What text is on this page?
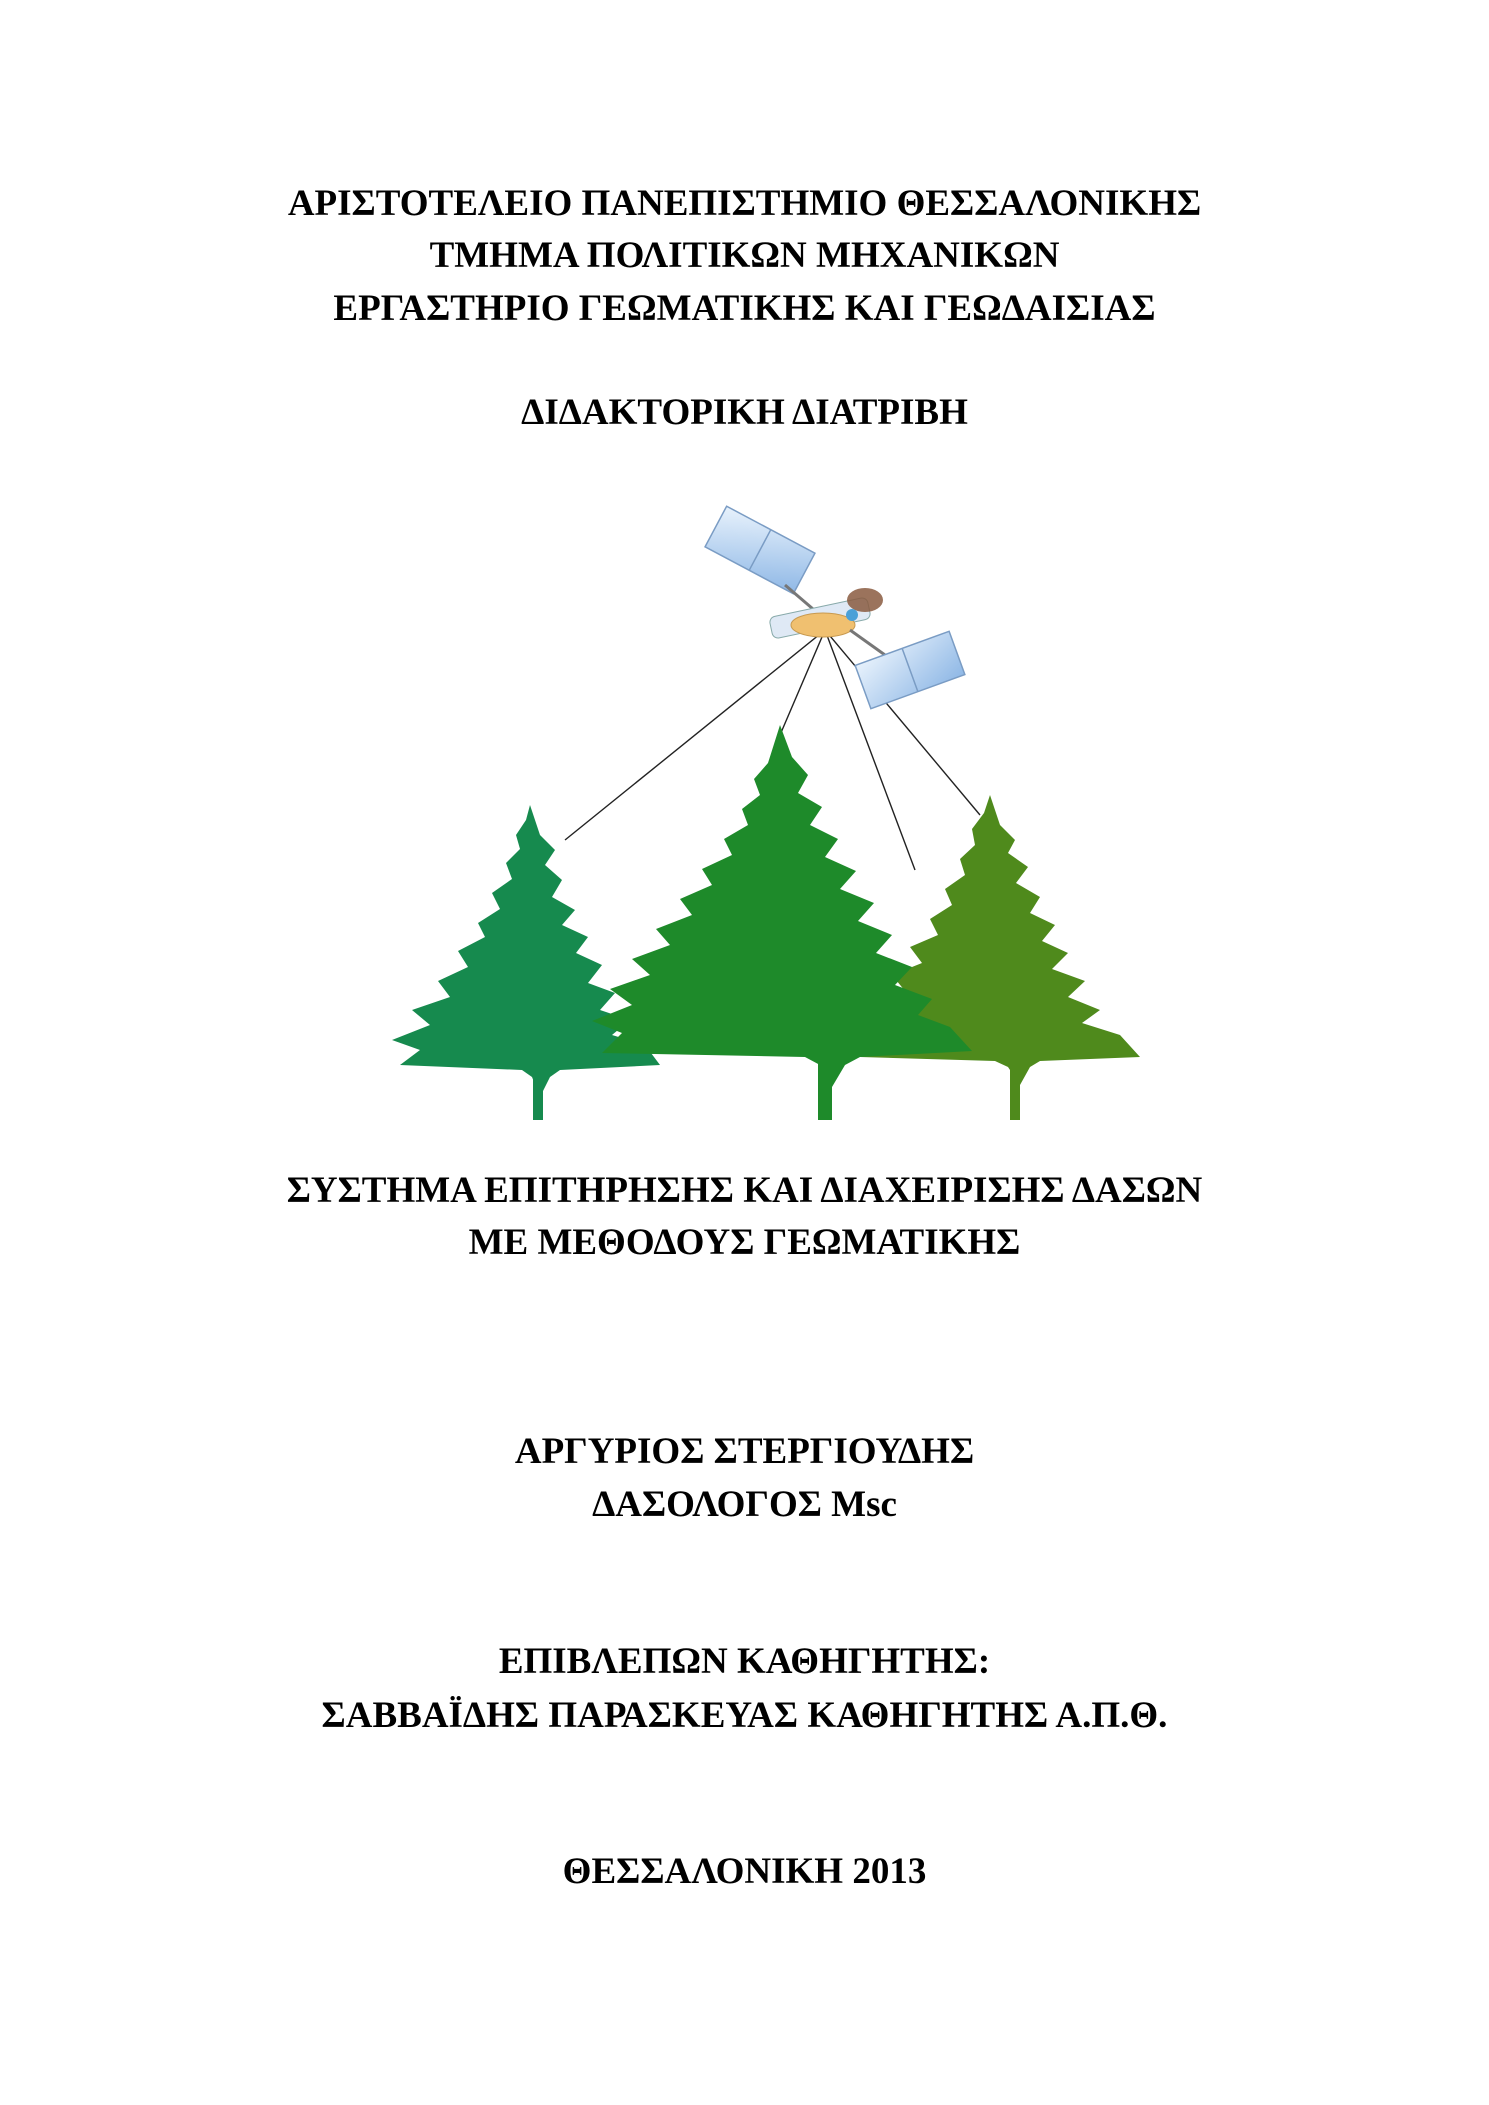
ΑΡΙΣΤΟΤΕΛΕΙΟ ΠΑΝΕΠΙΣΤΗΜΙΟ ΘΕΣΣΑΛΟΝΙΚΗΣ
ΤΜΗΜΑ ΠΟΛΙΤΙΚΩΝ ΜΗΧΑΝΙΚΩΝ
ΕΡΓΑΣΤΗΡΙΟ ΓΕΩΜΑΤΙΚΗΣ ΚΑΙ ΓΕΩΔΑΙΣΙΑΣ
ΔΙΔΑΚΤΟΡΙΚΗ ΔΙΑΤΡΙΒΗ
ΣΥΣΤΗΜΑ ΕΠΙΤΗΡΗΣΗΣ ΚΑΙ ΔΙΑΧΕΙΡΙΣΗΣ ΔΑΣΩΝ
ΜΕ ΜΕΘΟΔΟΥΣ ΓΕΩΜΑΤΙΚΗΣ
ΑΡΓΥΡΙΟΣ ΣΤΕΡΓΙΟΥΔΗΣ
ΔΑΣΟΛΟΓΟΣ Msc
ΕΠΙΒΛΕΠΩΝ ΚΑΘΗΓΗΤΗΣ:
ΣΑΒΒΑΪΔΗΣ ΠΑΡΑΣΚΕΥΑΣ ΚΑΘΗΓΗΤΗΣ Α.Π.Θ.
ΘΕΣΣΑΛΟΝΙΚΗ 2013
